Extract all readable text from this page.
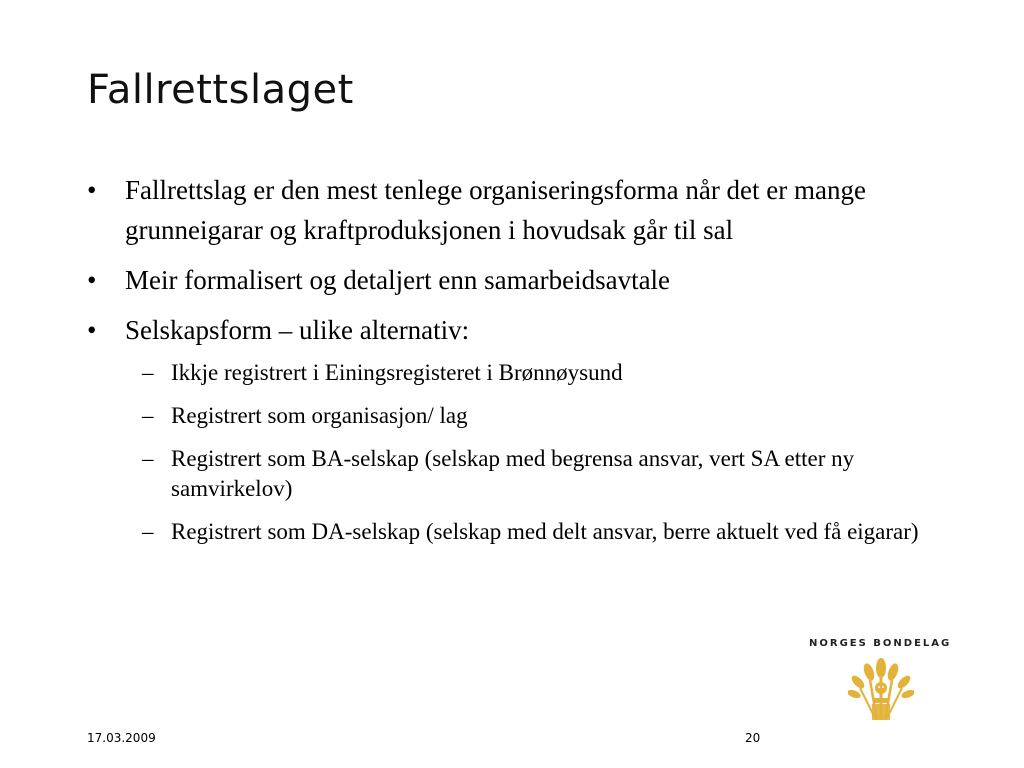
Fallrettslaget
•	Fallrettslag er den mest tenlege organiseringsforma når det er mange grunneigarar og kraftproduksjonen i hovudsak går til sal
•	Meir formalisert og detaljert enn samarbeidsavtale
•	Selskapsform – ulike alternativ:
– Ikkje registrert i Einingsregisteret i Brønnøysund
– Registrert som organisasjon/ lag
– Registrert som BA-selskap (selskap med begrensa ansvar, vert SA etter ny samvirkelov)
– Registrert som DA-selskap (selskap med delt ansvar, berre aktuelt ved få eigarar)
NORGES BONDELAG
17.03.2009	20
